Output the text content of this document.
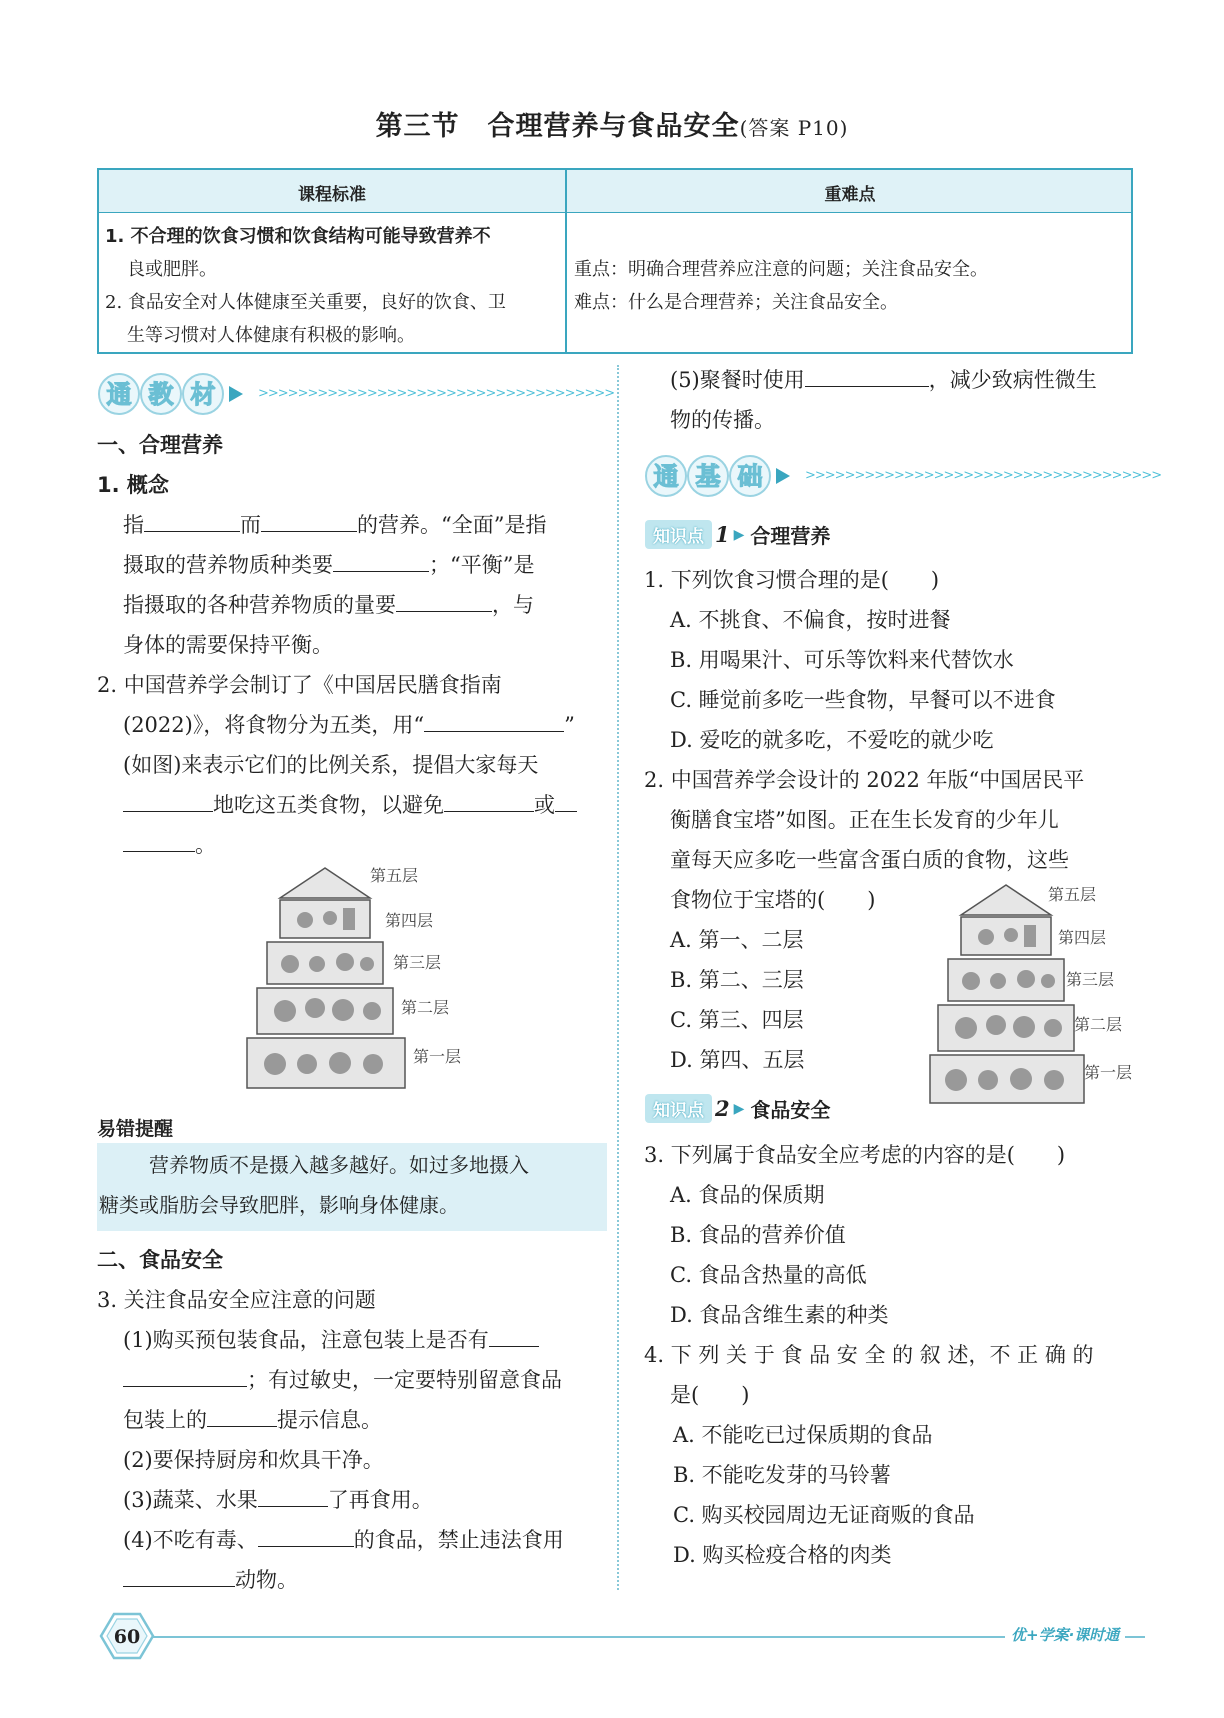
第三节　合理营养与食品安全(答案 P10)
课程标准	重难点
1. 不合理的饮食习惯和饮食结构可能导致营养不
良或肥胖。
2. 食品安全对人体健康至关重要，良好的饮食、卫
生等习惯对人体健康有积极的影响。
重点：明确合理营养应注意的问题；关注食品安全。
难点：什么是合理营养；关注食品安全。
通 教 材	>>>>>>>>>>>>>>>>>>>>>>>>>>>>>>>>>>>>
一、合理营养
1. 概念
指	而	的营养。“全面”是指
摄取的营养物质种类要	；“平衡”是
指摄取的各种营养物质的量要	，与
身体的需要保持平衡。
2. 中国营养学会制订了《中国居民膳食指南
(2022)》，将食物分为五类，用“	”
(如图)来表示它们的比例关系，提倡大家每天
地吃这五类食物，以避免	或
。
第五层
第四层
第三层
第二层
第一层
易错提醒
营养物质不是摄入越多越好。如过多地摄入
糖类或脂肪会导致肥胖，影响身体健康。
二、食品安全
3. 关注食品安全应注意的问题
(1)购买预包装食品，注意包装上是否有
；有过敏史，一定要特别留意食品
包装上的	提示信息。
(2)要保持厨房和炊具干净。
(3)蔬菜、水果	了再食用。
(4)不吃有毒、	的食品，禁止违法食用
动物。
(5)聚餐时使用	，减少致病性微生
物的传播。
通 基 础	>>>>>>>>>>>>>>>>>>>>>>>>>>>>>>>>>>>>
知识点 1 ▶ 合理营养
1. 下列饮食习惯合理的是(　　)
A. 不挑食、不偏食，按时进餐
B. 用喝果汁、可乐等饮料来代替饮水
C. 睡觉前多吃一些食物，早餐可以不进食
D. 爱吃的就多吃，不爱吃的就少吃
2. 中国营养学会设计的 2022 年版“中国居民平
衡膳食宝塔”如图。正在生长发育的少年儿
童每天应多吃一些富含蛋白质的食物，这些
食物位于宝塔的(　　)
A. 第一、二层
B. 第二、三层
C. 第三、四层
D. 第四、五层
第五层
第四层
第三层
第二层
第一层
知识点 2 ▶ 食品安全
3. 下列属于食品安全应考虑的内容的是(　　)
A. 食品的保质期
B. 食品的营养价值
C. 食品含热量的高低
D. 食品含维生素的种类
4. 下 列 关 于 食 品 安 全 的 叙 述，不 正 确 的
是(　　)
A. 不能吃已过保质期的食品
B. 不能吃发芽的马铃薯
C. 购买校园周边无证商贩的食品
D. 购买检疫合格的肉类
60	优+学案·课时通
